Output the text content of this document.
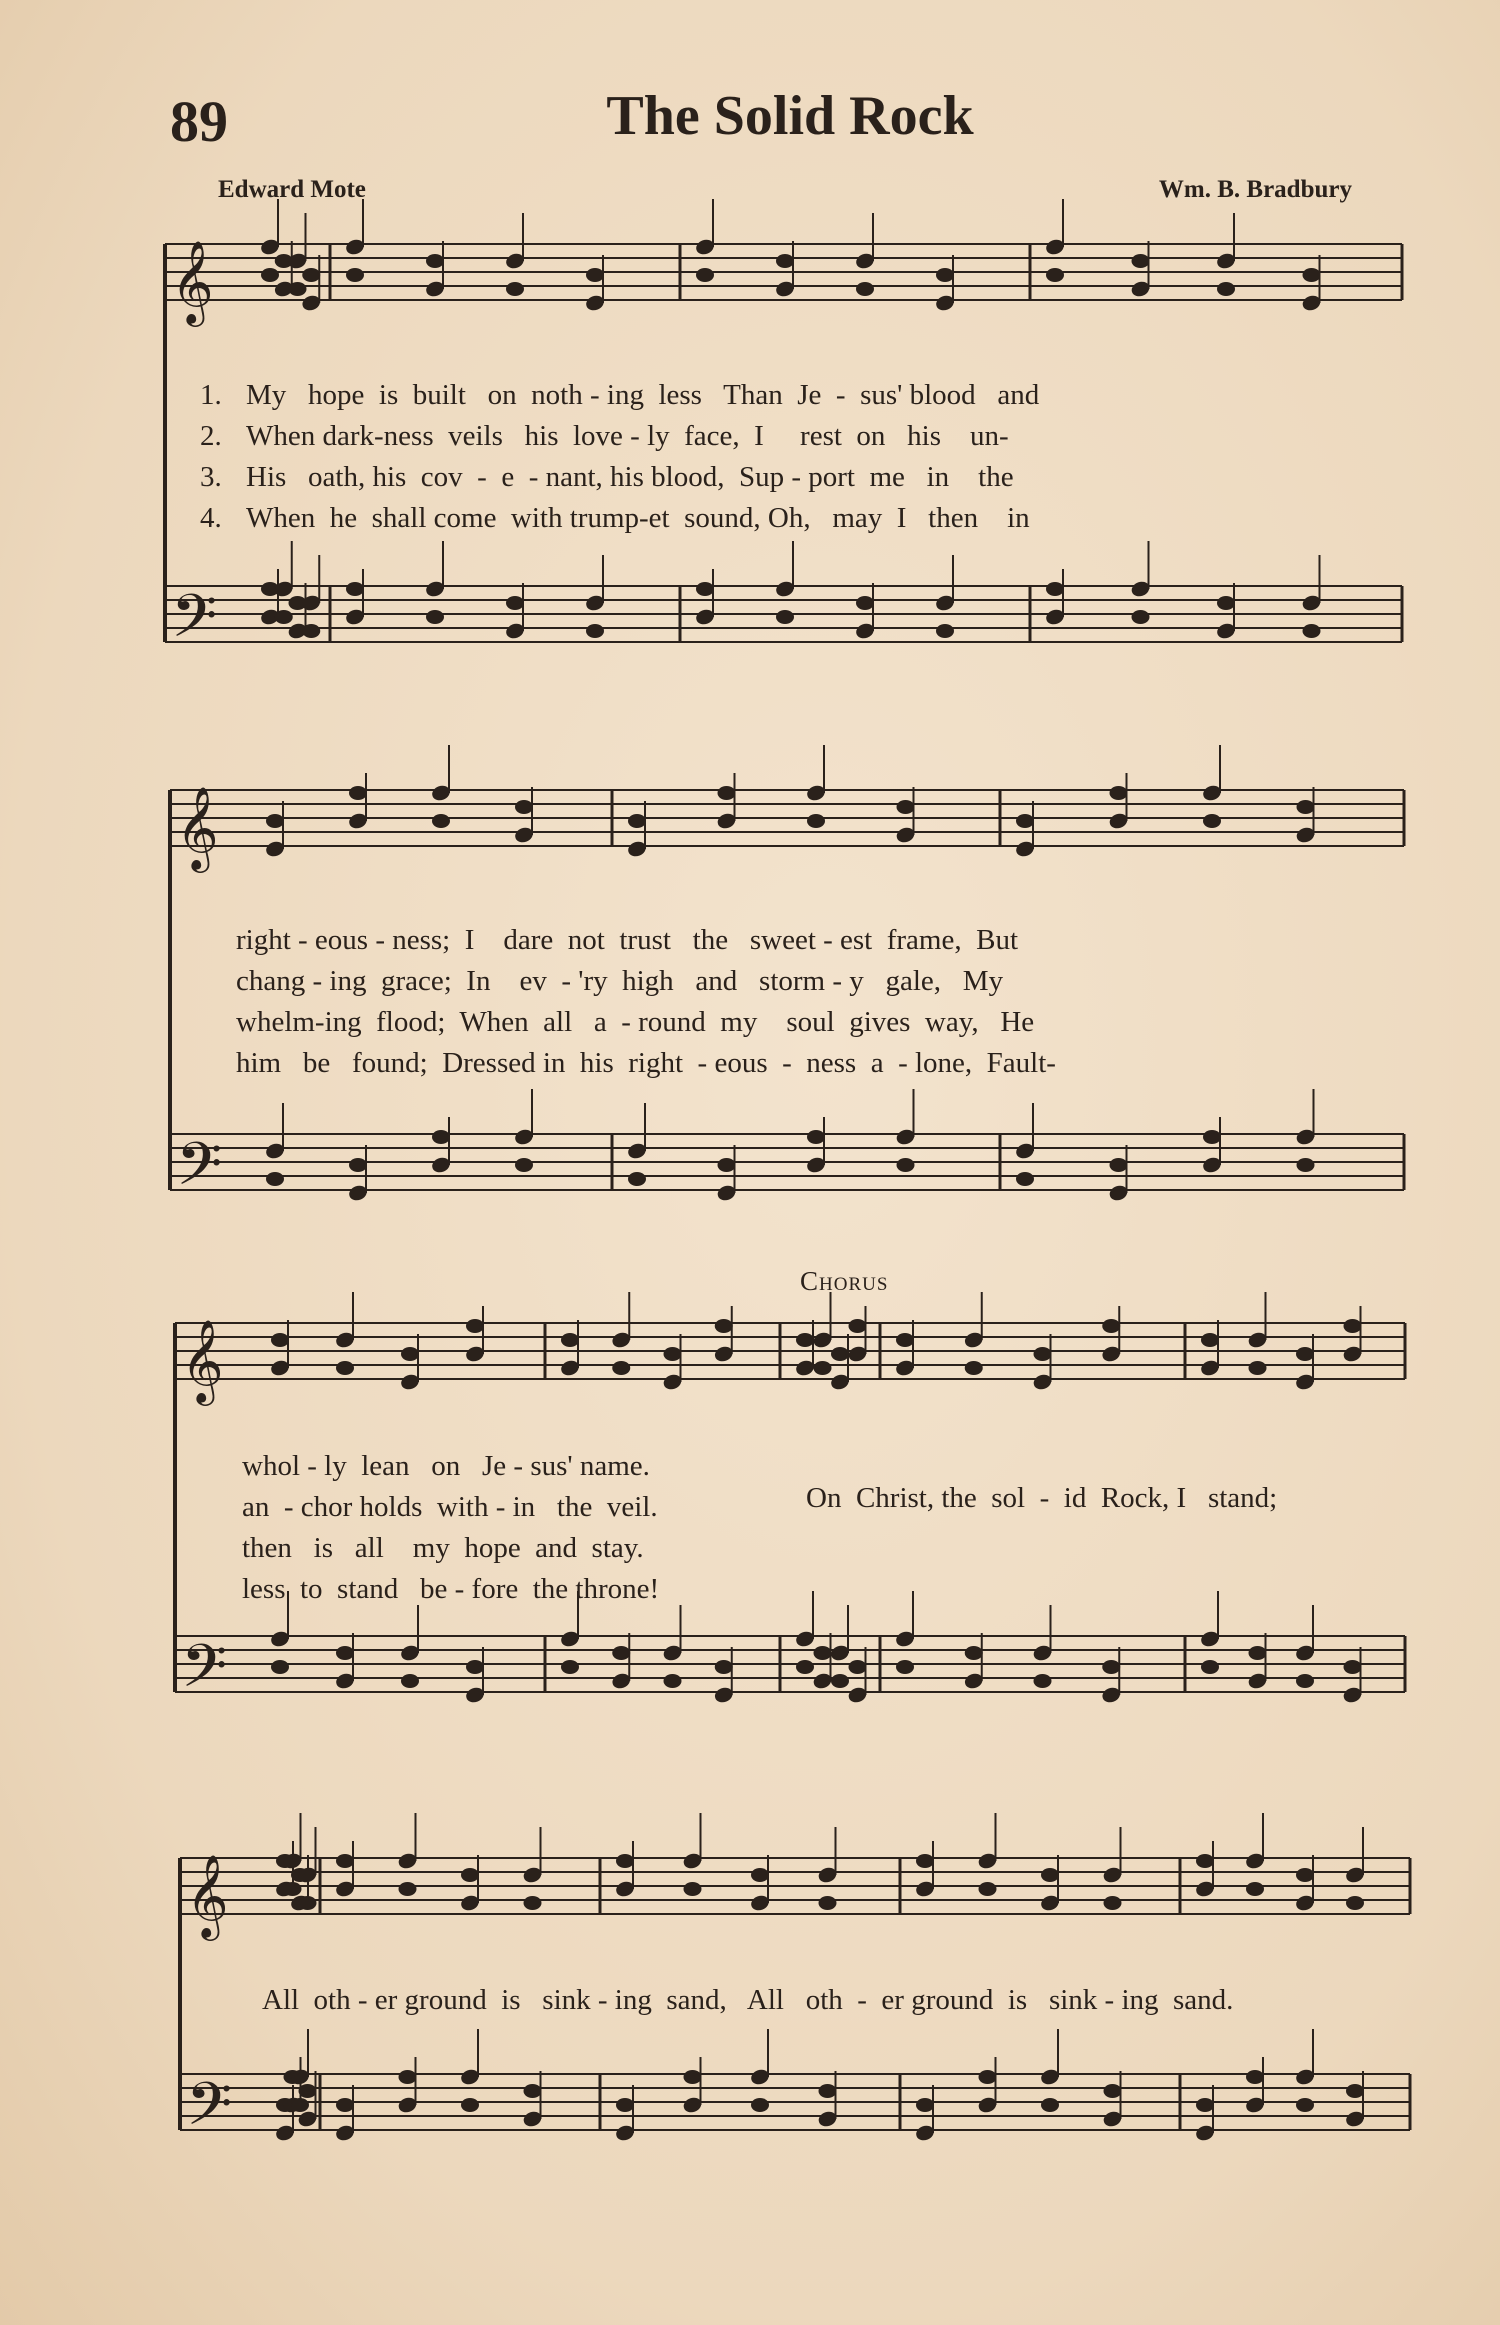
89	The Solid Rock
Edward Mote	Wm. B. Bradbury
𝄞
𝄢
𝄞
𝄢
𝄞
𝄢
𝄞
𝄢
1. My   hope  is  built   on  noth - ing  less   Than  Je  -  sus' blood   and
2. When dark-ness  veils   his  love - ly  face,  I     rest  on   his    un-
3. His   oath, his  cov  -  e  - nant, his blood,  Sup - port  me   in    the
4. When  he  shall come  with trump-et  sound, Oh,   may  I   then    in
right - eous - ness;  I    dare  not  trust   the   sweet - est  frame,  But
chang - ing  grace;  In    ev  - 'ry  high   and   storm - y   gale,   My
whelm-ing  flood;  When  all   a  - round  my    soul  gives  way,   He
him   be   found;  Dressed in  his  right  - eous  -  ness  a  - lone,  Fault-
Chorus
whol - ly  lean   on   Je - sus' name.
an  - chor holds  with - in   the  veil.
then   is   all    my  hope  and  stay.
less  to  stand   be - fore  the throne!
On  Christ, the  sol  -  id  Rock, I   stand;
All  oth - er ground  is   sink - ing  sand,   All   oth  -  er ground  is   sink - ing  sand.
